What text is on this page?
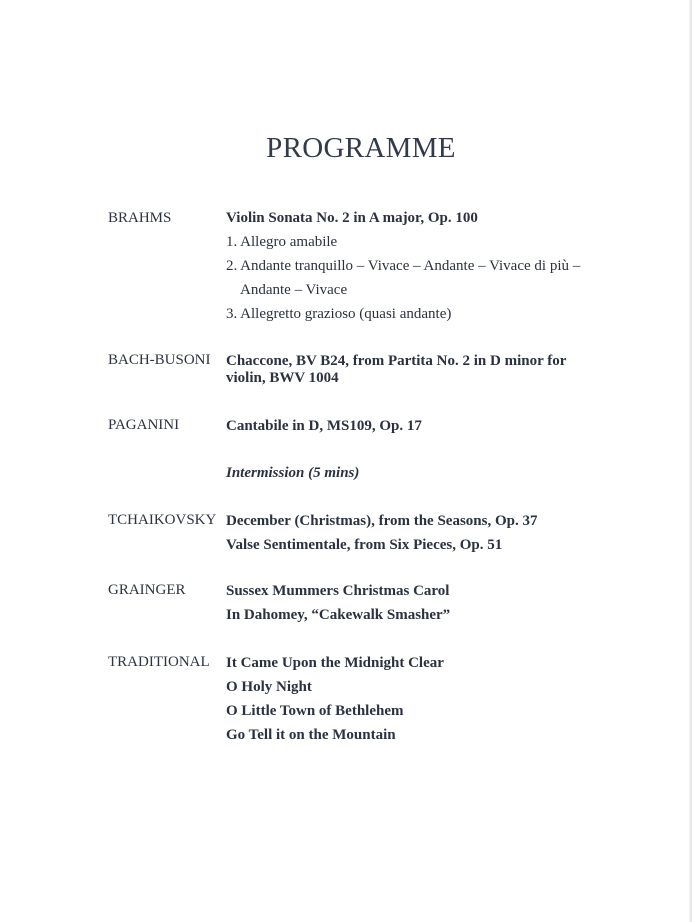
PROGRAMME
BRAHMS	Violin Sonata No. 2 in A major, Op. 100
1. Allegro amabile
2. Andante tranquillo – Vivace – Andante – Vivace di più –
Andante – Vivace
3. Allegretto grazioso (quasi andante)
BACH-BUSONI Chaccone, BV B24, from Partita No. 2 in D minor for violin, BWV 1004
PAGANINI	Cantabile in D, MS109, Op. 17
Intermission (5 mins)
TCHAIKOVSKY December (Christmas), from the Seasons, Op. 37
Valse Sentimentale, from Six Pieces, Op. 51
GRAINGER	Sussex Mummers Christmas Carol
In Dahomey, “Cakewalk Smasher”
TRADITIONAL It Came Upon the Midnight Clear
O Holy Night
O Little Town of Bethlehem
Go Tell it on the Mountain
